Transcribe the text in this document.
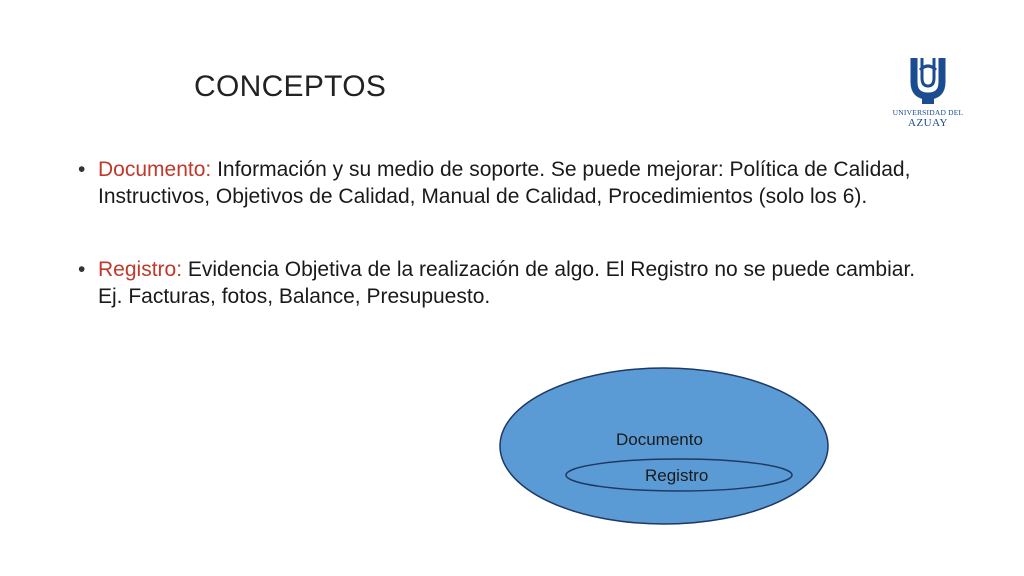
CONCEPTOS
UNIVERSIDAD DEL
AZUAY
• Documento: Información y su medio de soporte. Se puede mejorar: Política de Calidad, Instructivos, Objetivos de Calidad, Manual de Calidad, Procedimientos (solo los 6).
• Registro: Evidencia Objetiva de la realización de algo. El Registro no se puede cambiar. Ej. Facturas, fotos, Balance, Presupuesto.
Documento
Registro
